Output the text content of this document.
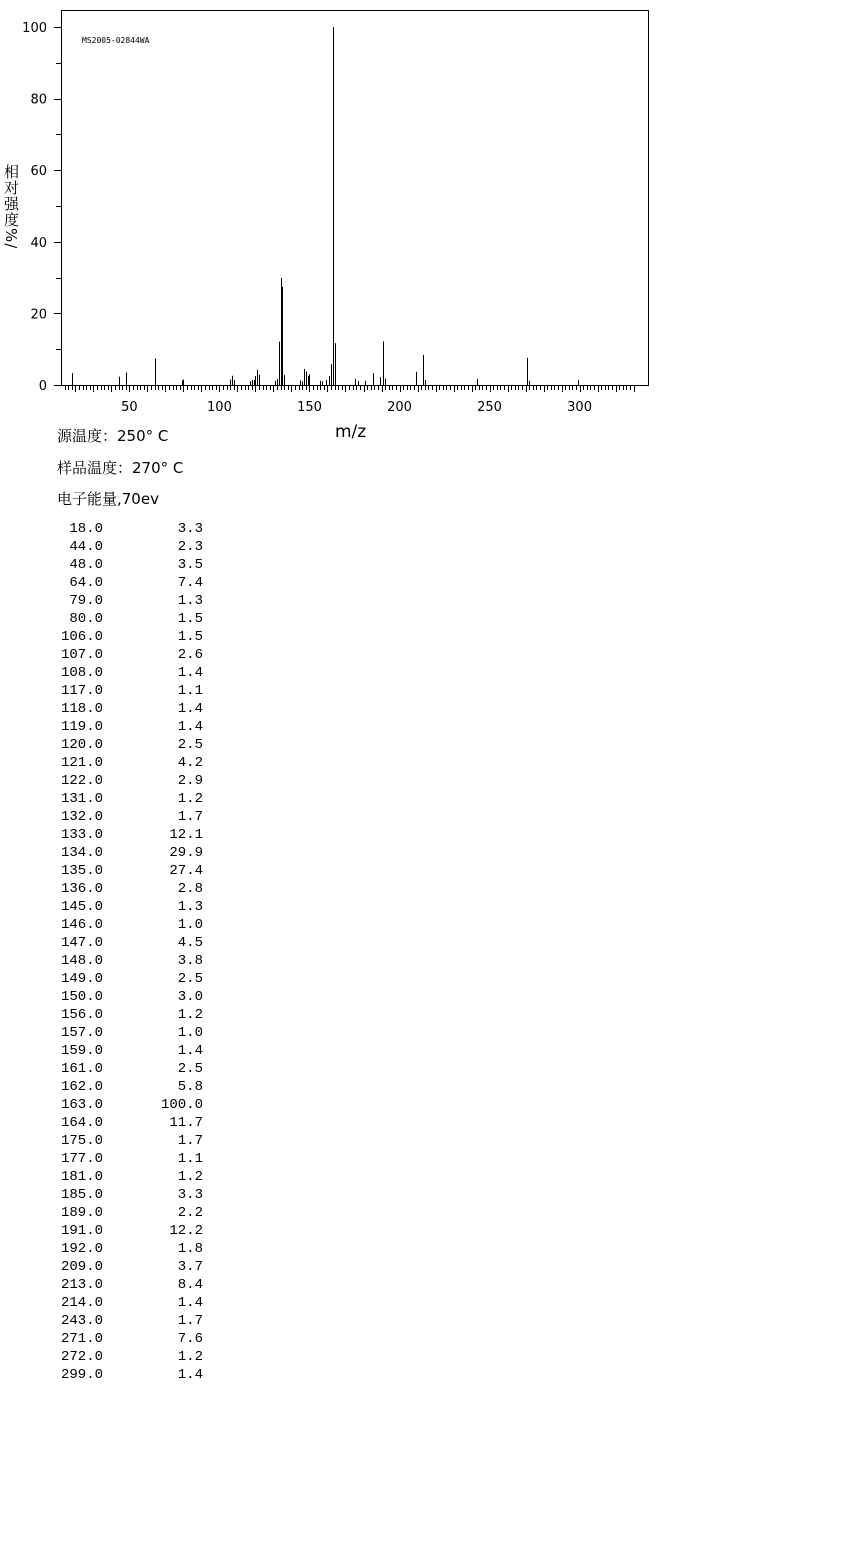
0
20
40
60
80
100
50	100	150	200	250	300
MS2005-02844WA
相对强度%/
m/z
源温度：250° C
样品温度：270° C
电子能量,70ev
18.0	3.3
44.0	2.3
48.0	3.5
64.0	7.4
79.0	1.3
80.0	1.5
106.0	1.5
107.0	2.6
108.0	1.4
117.0	1.1
118.0	1.4
119.0	1.4
120.0	2.5
121.0	4.2
122.0	2.9
131.0	1.2
132.0	1.7
133.0	12.1
134.0	29.9
135.0	27.4
136.0	2.8
145.0	1.3
146.0	1.0
147.0	4.5
148.0	3.8
149.0	2.5
150.0	3.0
156.0	1.2
157.0	1.0
159.0	1.4
161.0	2.5
162.0	5.8
163.0	100.0
164.0	11.7
175.0	1.7
177.0	1.1
181.0	1.2
185.0	3.3
189.0	2.2
191.0	12.2
192.0	1.8
209.0	3.7
213.0	8.4
214.0	1.4
243.0	1.7
271.0	7.6
272.0	1.2
299.0	1.4
